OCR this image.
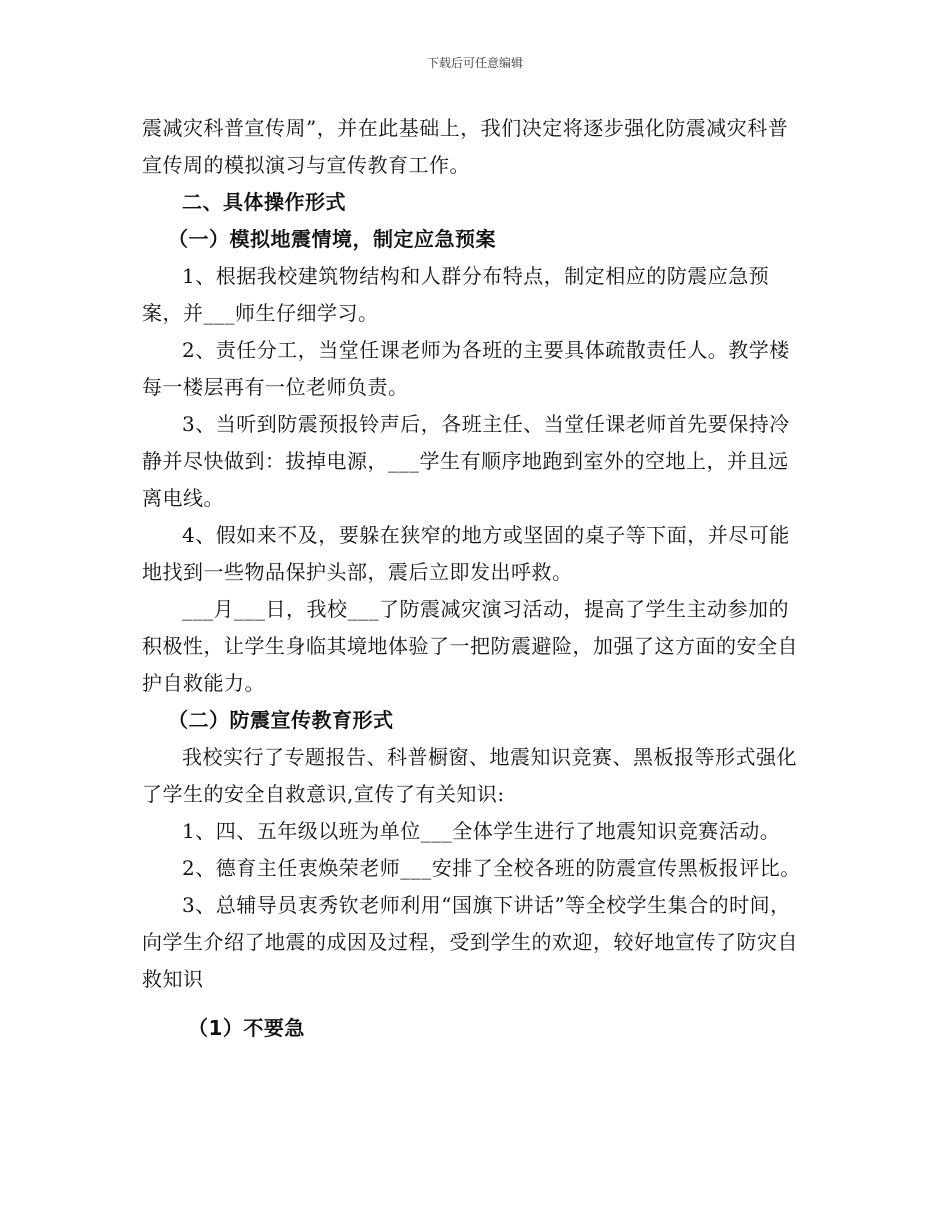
下载后可任意编辑

震减灾科普宣传周”，并在此基础上，我们决定将逐步强化防震减灾科普宣传周的模拟演习与宣传教育工作。

二、具体操作形式

（一）模拟地震情境，制定应急预案

1、根据我校建筑物结构和人群分布特点，制定相应的防震应急预案，并___师生仔细学习。

2、责任分工，当堂任课老师为各班的主要具体疏散责任人。教学楼每一楼层再有一位老师负责。

3、当听到防震预报铃声后，各班主任、当堂任课老师首先要保持冷静并尽快做到：拔掉电源，___学生有顺序地跑到室外的空地上，并且远离电线。

4、假如来不及，要躲在狭窄的地方或坚固的桌子等下面，并尽可能地找到一些物品保护头部，震后立即发出呼救。

___月___日，我校___了防震减灾演习活动，提高了学生主动参加的积极性，让学生身临其境地体验了一把防震避险，加强了这方面的安全自护自救能力。

（二）防震宣传教育形式

我校实行了专题报告、科普橱窗、地震知识竞赛、黑板报等形式强化了学生的安全自救意识,宣传了有关知识:

1、四、五年级以班为单位___全体学生进行了地震知识竞赛活动。

2、德育主任衷焕荣老师___安排了全校各班的防震宣传黑板报评比。

3、总辅导员衷秀钦老师利用“国旗下讲话”等全校学生集合的时间，向学生介绍了地震的成因及过程，受到学生的欢迎，较好地宣传了防灾自救知识

（1）不要急
